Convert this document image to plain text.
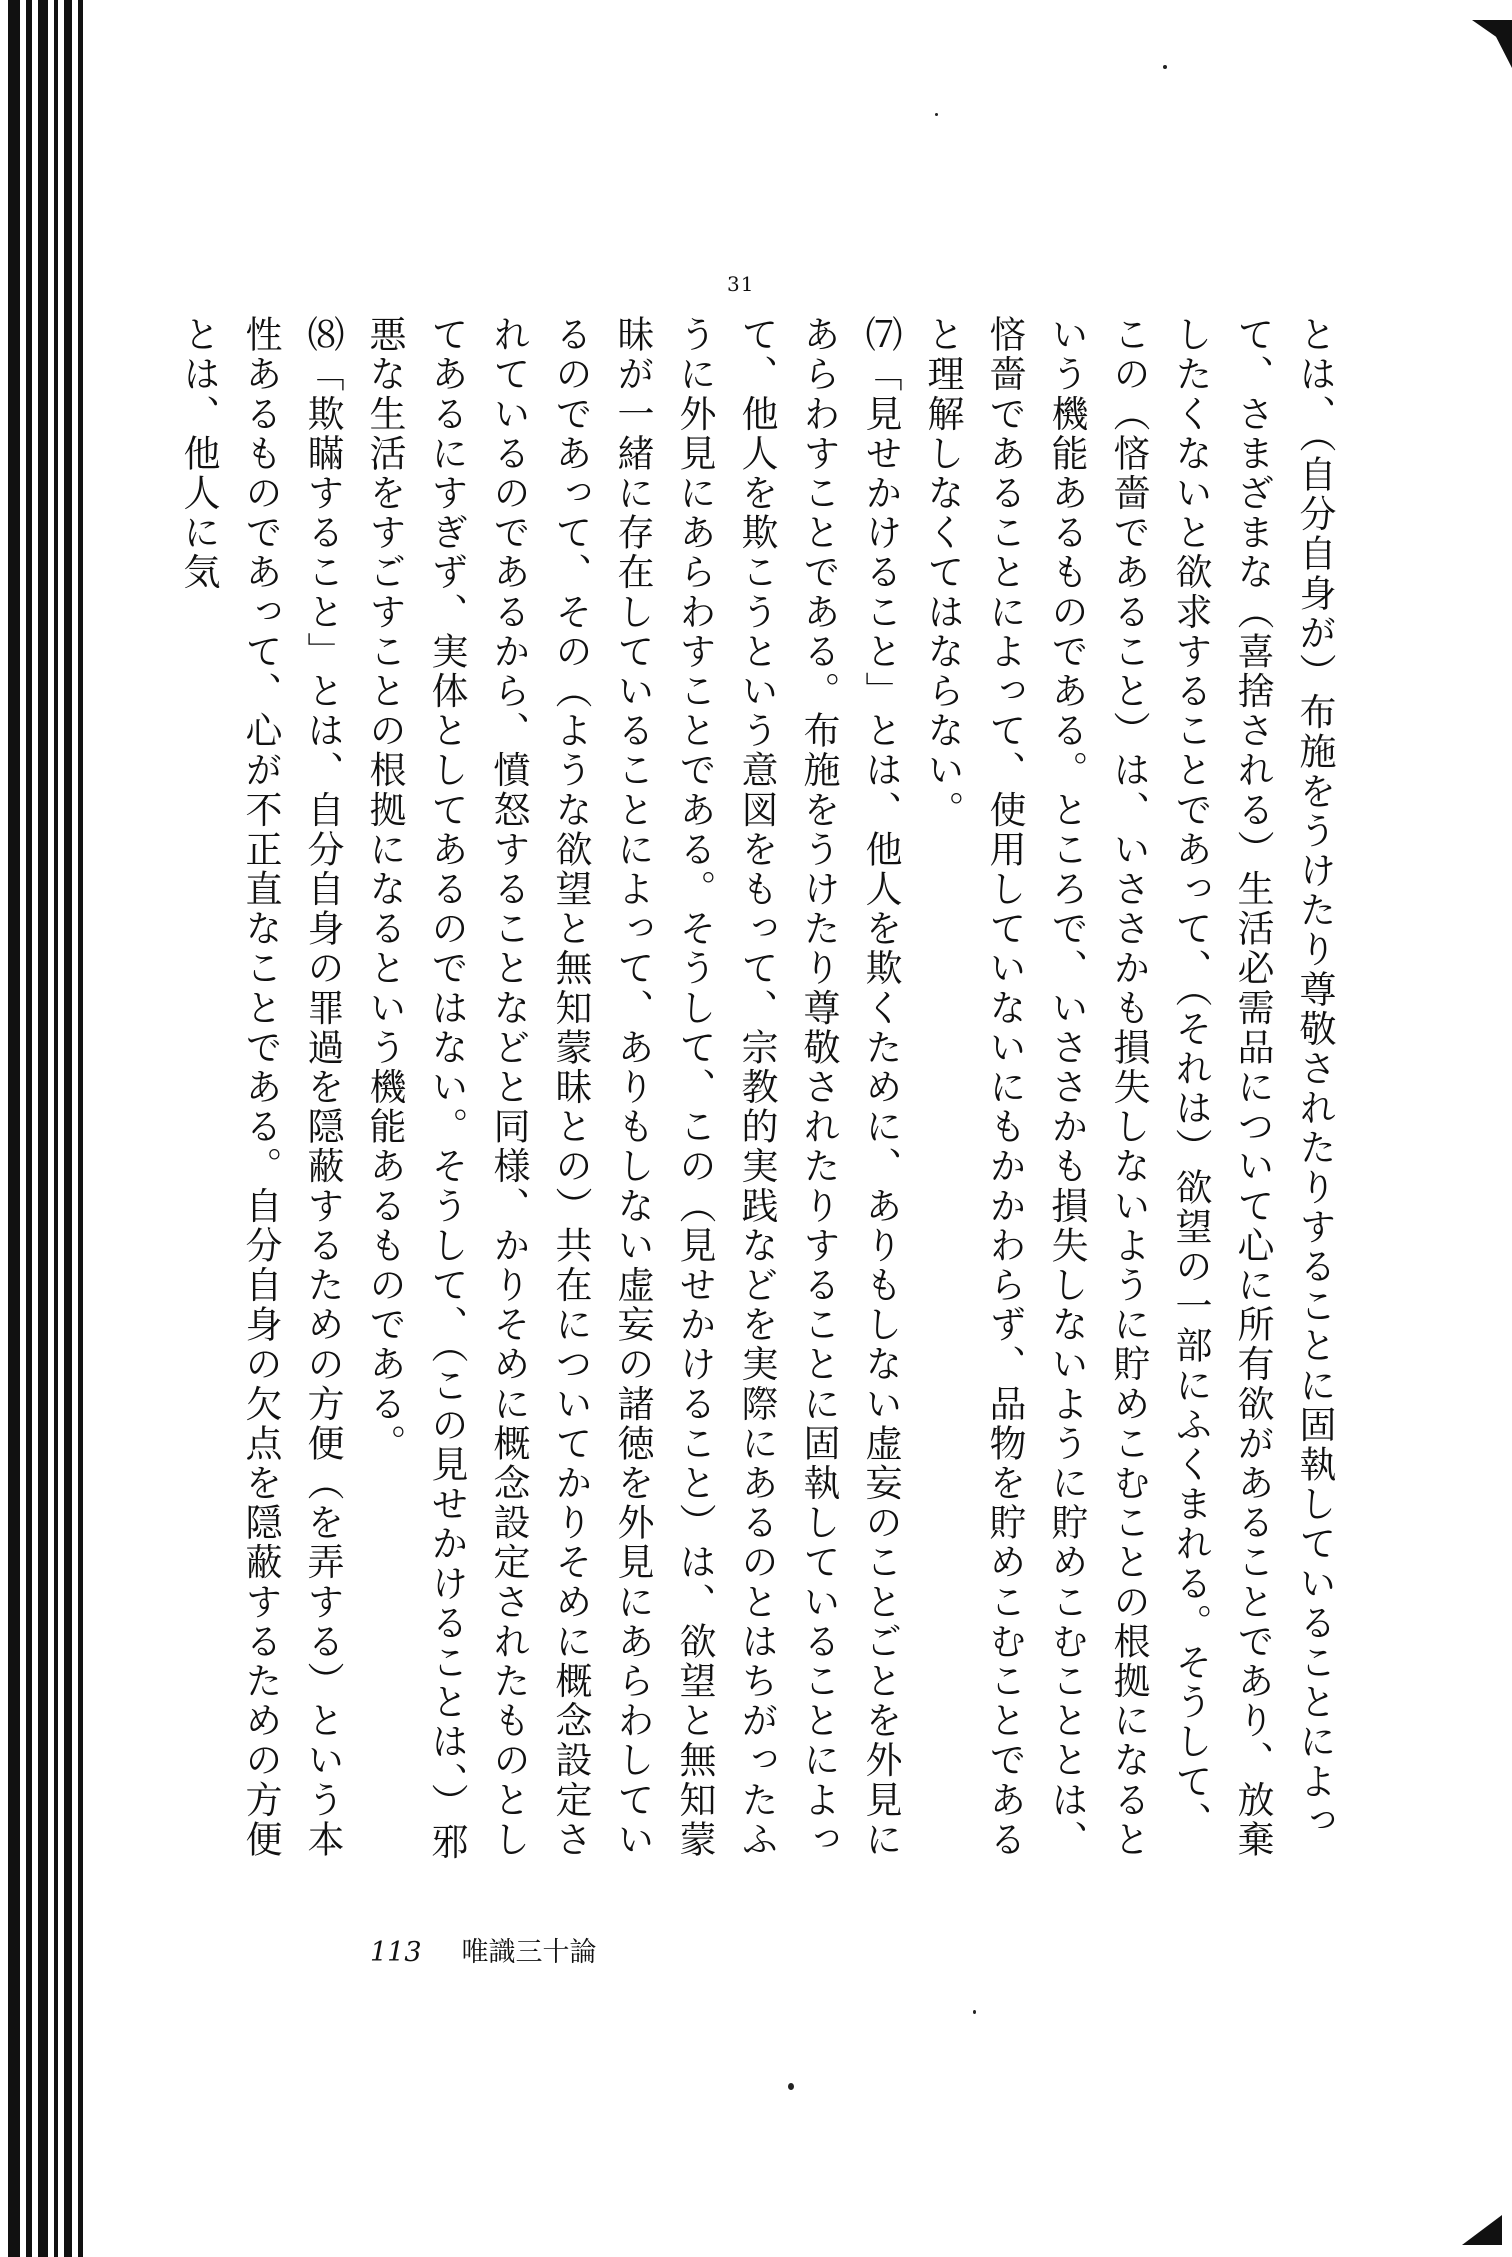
31

とは、（自分自身が）布施をうけたり尊敬されたりすることに固執していることによって、さまざまな（喜捨される）生活必需品について心に所有欲があることであり、放棄したくないと欲求することであって、（それは）欲望の一部にふくまれる。そうして、この（悋嗇であること）は、いささかも損失しないように貯めこむことの根拠になるという機能あるものである。ところで、いささかも損失しないように貯めこむこととは、悋嗇であることによって、使用していないにもかかわらず、品物を貯めこむことであると理解しなくてはならない。

⑺「見せかけること」とは、他人を欺くために、ありもしない虚妄のことごとを外見にあらわすことである。布施をうけたり尊敬されたりすることに固執していることによって、他人を欺こうという意図をもって、宗教的実践などを実際にあるのとはちがったふうに外見にあらわすことである。そうして、この（見せかけること）は、欲望と無知蒙昧が一緒に存在していることによって、ありもしない虚妄の諸徳を外見にあらわしているのであって、その（ような欲望と無知蒙昧との）共在についてかりそめに概念設定されているのであるから、憤怒することなどと同様、かりそめに概念設定されたものとしてあるにすぎず、実体としてあるのではない。そうして、（この見せかけることは、）邪悪な生活をすごすことの根拠になるという機能あるものである。

⑻「欺瞞すること」とは、自分自身の罪過を隠蔽するための方便（を弄する）という本性あるものであって、心が不正直なことである。自分自身の欠点を隠蔽するための方便とは、他人に気

113 唯識三十論
